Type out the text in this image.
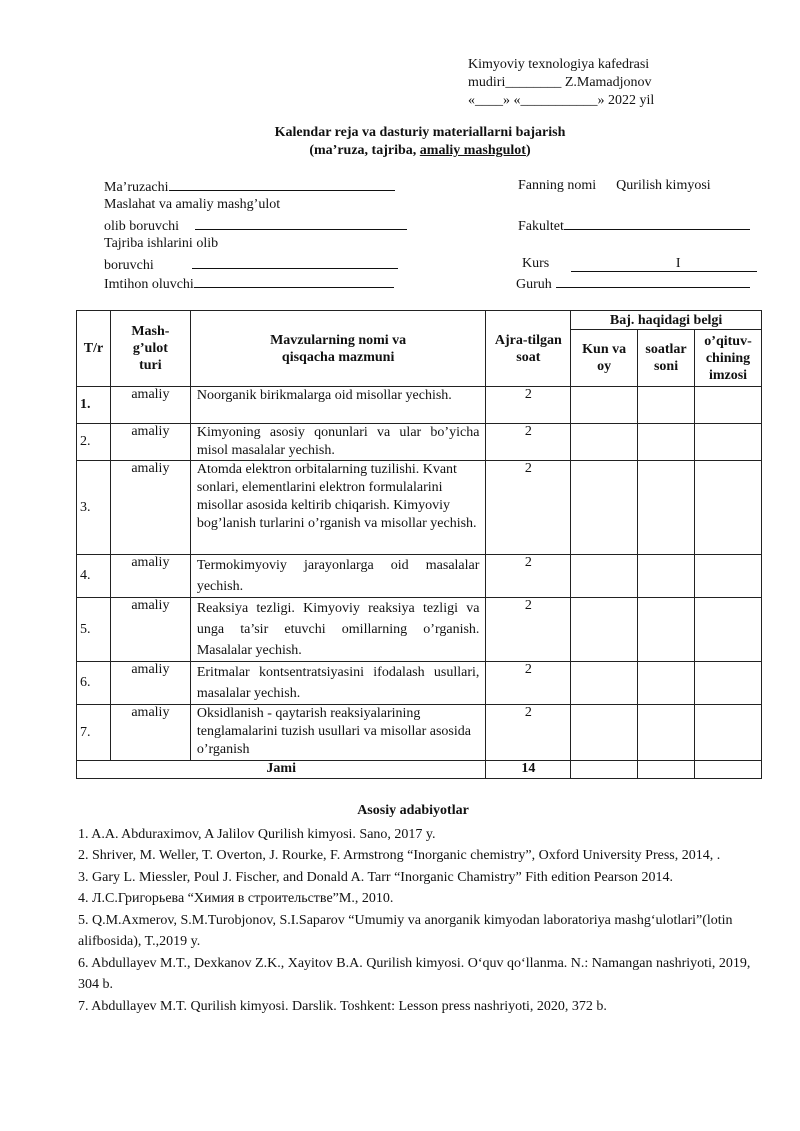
Kimyoviy texnologiya kafedrasi
mudiri________ Z.Mamadjonov
«____» «___________» 2022 yil
Kalendar reja va dasturiy materiallarni bajarish
(ma’ruza, tajriba, amaliy mashgulot)
Ma’ruzachi
Maslahat va amaliy mashg’ulot
olib boruvchi
Tajriba ishlarini olib
boruvchi
Imtihon oluvchi
Fanning nomi Qurilish kimyosi
Fakultet
Kurs	I
Guruh
T/r	Mash-g’ulot turi	Mavzularning nomi va qisqacha mazmuni	Ajra-tilgan soat	Baj. haqidagi belgi		
				Kun va oy	soatlar soni	o’qituv-chining imzosi
1.	amaliy	Noorganik birikmalarga oid misollar yechish.	2			
2.	amaliy	Kimyoning asosiy qonunlari va ular bo’yicha misol masalalar yechish.	2			
3.	amaliy	Atomda elektron orbitalarning tuzilishi. Kvant sonlari, elementlarini elektron formulalarini misollar asosida keltirib chiqarish. Kimyoviy bog’lanish turlarini o’rganish va misollar yechish.	2			
4.	amaliy	Termokimyoviy jarayonlarga oid masalalar yechish.	2			
5.	amaliy	Reaksiya tezligi. Kimyoviy reaksiya tezligi va unga ta’sir etuvchi omillarning o’rganish. Masalalar yechish.	2			
6.	amaliy	Eritmalar kontsentratsiyasini ifodalash usullari, masalalar yechish.	2			
7.	amaliy	Oksidlanish - qaytarish reaksiyalarining tenglamalarini tuzish usullari va misollar asosida o’rganish	2			
Jami			14			
Asosiy adabiyotlar

1. A.A. Abduraximov, A Jalilov Qurilish kimyosi. Sano, 2017 y.

2. Shriver, M. Weller, T. Overton, J. Rourke, F. Armstrong “Inorganic chemistry”, Oxford University Press, 2014, .

3. Gary L. Miessler, Poul J. Fischer, and Donald A. Tarr “Inorganic Chamistry” Fith edition Pearson 2014.

4. Л.С.Григорьева “Химия в строительстве”М., 2010.

5. Q.M.Axmerov, S.M.Turobjonov, S.I.Saparov “Umumiy va anorganik kimyodan laboratoriya mashg‘ulotlari”(lotin alifbosida), T.,2019 y.

6. Abdullayev M.T., Dexkanov Z.K., Xayitov B.A. Qurilish kimyosi. O‘quv qo‘llanma. N.: Namangan nashriyoti, 2019, 304 b.

7. Abdullayev M.T. Qurilish kimyosi. Darslik. Toshkent: Lesson press nashriyoti, 2020, 372 b.
